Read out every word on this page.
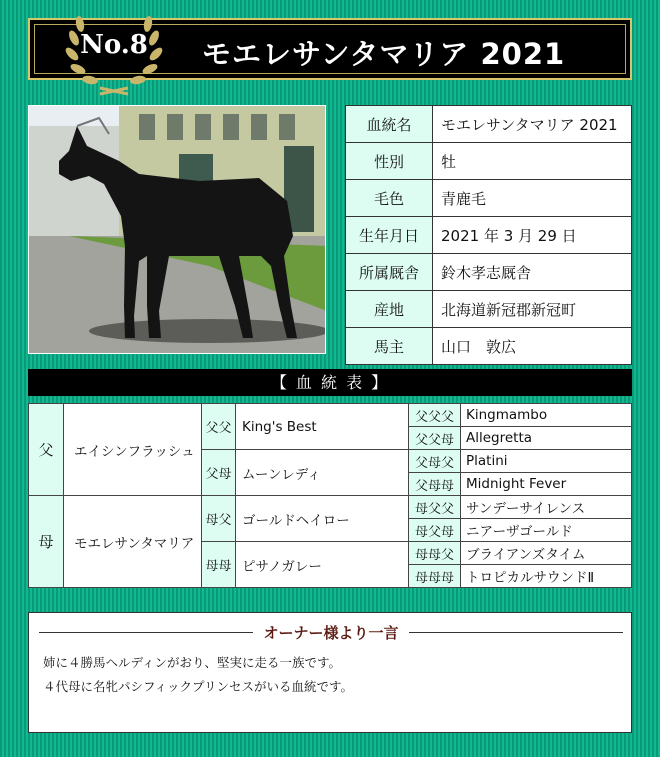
No.8	モエレサンタマリア 2021
血統名	モエレサンタマリア 2021
性別	牡
毛色	青鹿毛
生年月日	2021 年 3 月 29 日
所属厩舎	鈴木孝志厩舎
産地	北海道新冠郡新冠町
馬主	山口　敦広
【 血 統 表 】
父	エイシンフラッシュ	父父	King's Best	父父父	Kingmambo
				父父母	Allegretta
		父母	ムーンレディ	父母父	Platini
				父母母	Midnight Fever
母	モエレサンタマリア	母父	ゴールドヘイロー	母父父	サンデーサイレンス
				母父母	ニアーザゴールド
		母母	ピサノガレー	母母父	ブライアンズタイム
				母母母	トロピカルサウンドⅡ
オーナー様より一言
姉に４勝馬ヘルディンがおり、堅実に走る一族です。
４代母に名牝パシフィックプリンセスがいる血統です。
